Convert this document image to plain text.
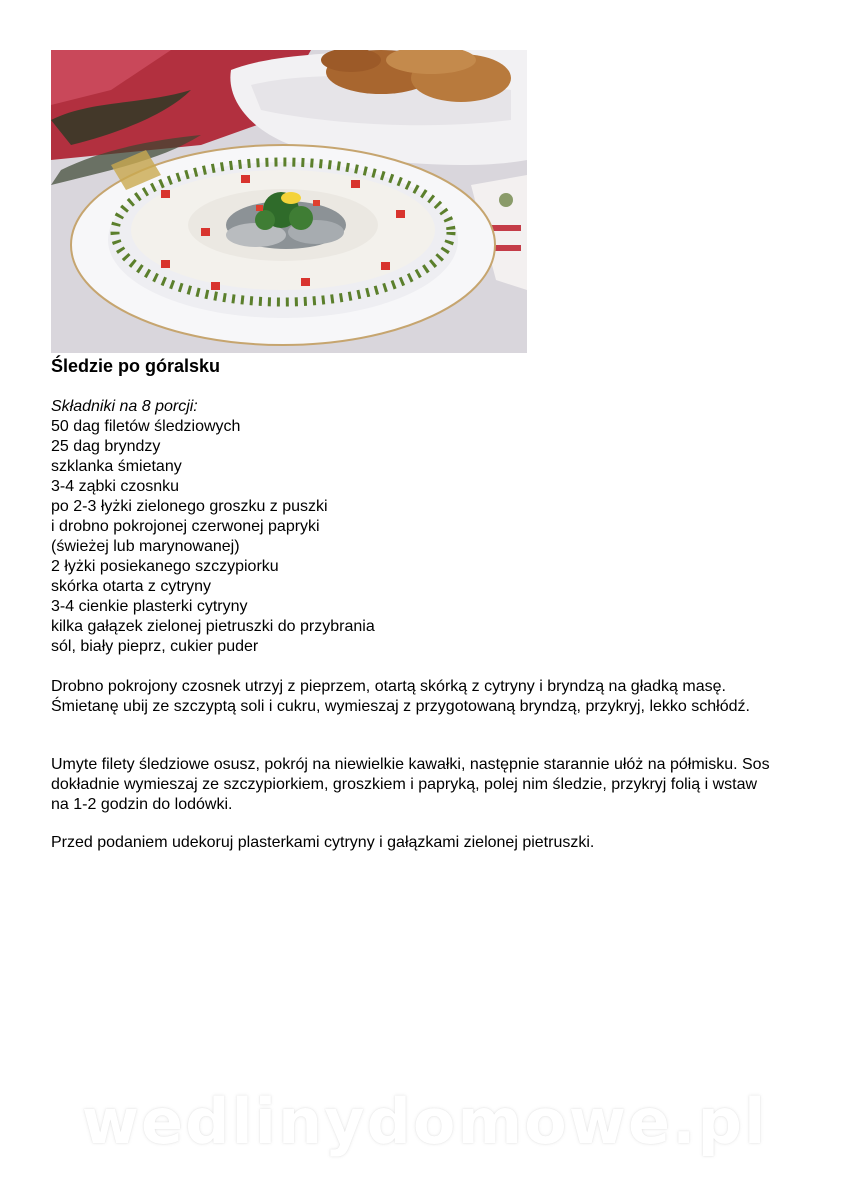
Śledzie po góralsku
Składniki na 8 porcji:
50 dag filetów śledziowych
25 dag bryndzy
szklanka śmietany
3-4 ząbki czosnku
po 2-3 łyżki zielonego groszku z puszki
i drobno pokrojonej czerwonej papryki
(świeżej lub marynowanej)
2 łyżki posiekanego szczypiorku
skórka otarta z cytryny
3-4 cienkie plasterki cytryny
kilka gałązek zielonej pietruszki do przybrania
sól, biały pieprz, cukier puder

Drobno pokrojony czosnek utrzyj z pieprzem, otartą skórką z cytryny i bryndzą na gładką masę. Śmietanę ubij ze szczyptą soli i cukru, wymieszaj z przygotowaną bryndzą, przykryj, lekko schłódź.

Umyte filety śledziowe osusz, pokrój na niewielkie kawałki, następnie starannie ułóż na półmisku. Sos dokładnie wymieszaj ze szczypiorkiem, groszkiem i papryką, polej nim śledzie, przykryj folią i wstaw na 1-2 godzin do lodówki.

Przed podaniem udekoruj plasterkami cytryny i gałązkami zielonej pietruszki.

wedlinydomowe.pl
